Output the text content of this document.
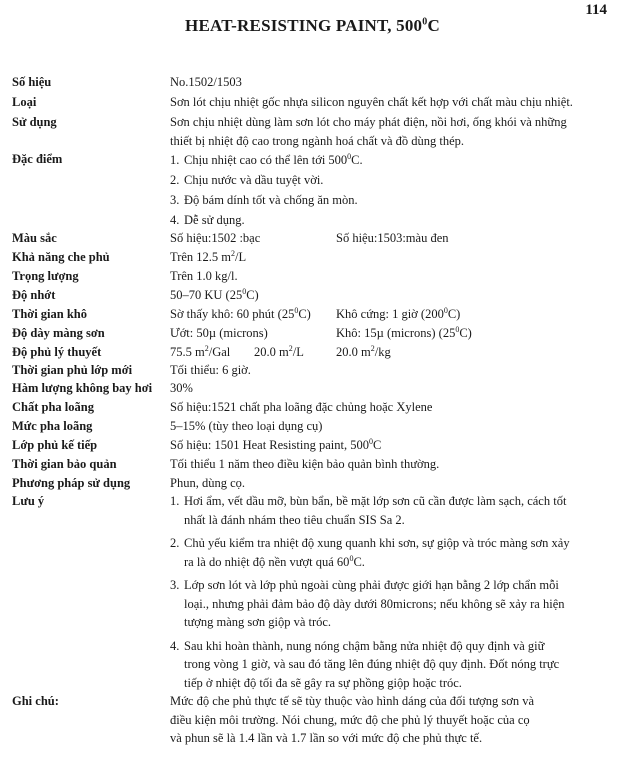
114
HEAT-RESISTING PAINT, $500^0C$
Số hiệu	No.1502/1503
Loại	Sơn lót chịu nhiệt gốc nhựa silicon nguyên chất kết hợp với chất màu chịu nhiệt.
Sử dụng	Sơn chịu nhiệt dùng làm sơn lót cho máy phát điện, nồi hơi, ống khói và những
thiết bị nhiệt độ cao trong ngành hoá chất và đồ dùng thép.
Đặc điểm	1. Chịu nhiệt cao có thể lên tới $500^0C$.
2. Chịu nước và dầu tuyệt vời.
3. Độ bám dính tốt và chống ăn mòn.
4. Dễ sử dụng.
Màu sắc	Số hiệu:1502 :bạc	Số hiệu:1503:màu đen
Khả năng che phủ	Trên 12.5 $m^2/L$
Trọng lượng	Trên 1.0 kg/l.
Độ nhớt	50–70 KU $(25^0C)$
Thời gian khô	Sờ thấy khô: 60 phút $(25^0C)$	Khô cứng: 1 giờ $(200^0C)$
Độ dày màng sơn	Ướt: 50µ (microns)	Khô: 15µ (microns) $(25^0C)$
Độ phủ lý thuyết	75.5 $m^2$/Gal	20.0 $m^2/L$	20.0 $m^2/kg$
Thời gian phủ lớp mới	Tối thiểu: 6 giờ.
Hàm lượng không bay hơi	30%
Chất pha loãng	Số hiệu:1521 chất pha loãng đặc chủng hoặc Xylene
Mức pha loãng	5–15% (tùy theo loại dụng cụ)
Lớp phủ kế tiếp	Số hiệu: 1501 Heat Resisting paint, $500^0C$
Thời gian bảo quản	Tối thiểu 1 năm theo điều kiện bảo quản bình thường.
Phương pháp sử dụng	Phun, dùng cọ.
Lưu ý	1. Hơi ẩm, vết dầu mỡ, bùn bẩn, bề mặt lớp sơn cũ cần được làm sạch, cách tốt
nhất là đánh nhám theo tiêu chuẩn SIS Sa 2.
2. Chủ yếu kiểm tra nhiệt độ xung quanh khi sơn, sự giộp và tróc màng sơn xảy
ra là do nhiệt độ nền vượt quá $60^0C$.
3. Lớp sơn lót và lớp phủ ngoài cùng phải được giới hạn bằng 2 lớp chẩn mỗi
loại., nhưng phải đảm bảo độ dày dưới 80microns; nếu không sẽ xảy ra hiện
tượng màng sơn giộp và tróc.
4. Sau khi hoàn thành, nung nóng chậm bằng nửa nhiệt độ quy định và giữ
trong vòng 1 giờ, và sau đó tăng lên đúng nhiệt độ quy định. Đốt nóng trực
tiếp ở nhiệt độ tối đa sẽ gây ra sự phồng giộp hoặc tróc.
Ghi chú:	Mức độ che phủ thực tế sẽ tùy thuộc vào hình dáng của đối tượng sơn và
điều kiện môi trường. Nói chung, mức độ che phủ lý thuyết hoặc của cọ
và phun sẽ là 1.4 lần và 1.7 lần so với mức độ che phủ thực tế.
